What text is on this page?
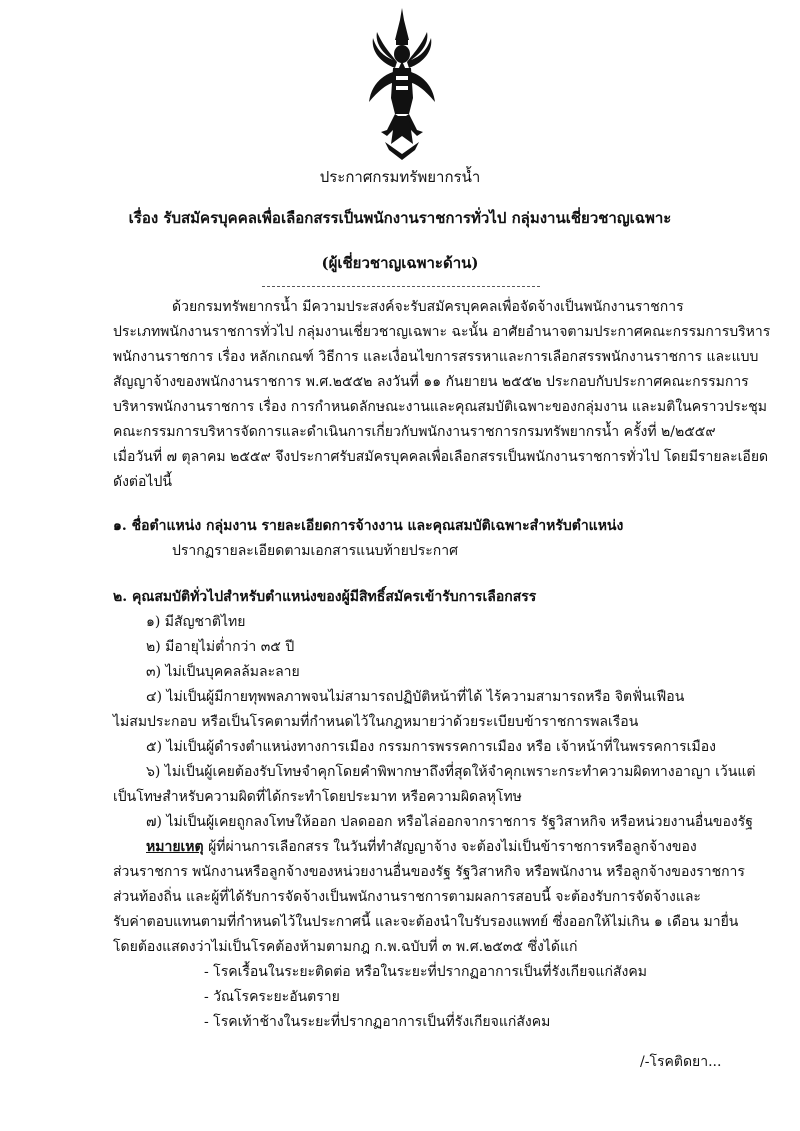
ประกาศกรมทรัพยากรน้ำ
เรื่อง รับสมัครบุคคลเพื่อเลือกสรรเป็นพนักงานราชการทั่วไป กลุ่มงานเชี่ยวชาญเฉพาะ
(ผู้เชี่ยวชาญเฉพาะด้าน)
ด้วยกรมทรัพยากรน้ำ มีความประสงค์จะรับสมัครบุคคลเพื่อจัดจ้างเป็นพนักงานราชการ
ประเภทพนักงานราชการทั่วไป กลุ่มงานเชี่ยวชาญเฉพาะ ฉะนั้น อาศัยอำนาจตามประกาศคณะกรรมการบริหาร
พนักงานราชการ เรื่อง หลักเกณฑ์ วิธีการ และเงื่อนไขการสรรหาและการเลือกสรรพนักงานราชการ และแบบ
สัญญาจ้างของพนักงานราชการ พ.ศ.๒๕๕๒ ลงวันที่ ๑๑ กันยายน ๒๕๕๒ ประกอบกับประกาศคณะกรรมการ
บริหารพนักงานราชการ เรื่อง การกำหนดลักษณะงานและคุณสมบัติเฉพาะของกลุ่มงาน และมติในคราวประชุม
คณะกรรมการบริหารจัดการและดำเนินการเกี่ยวกับพนักงานราชการกรมทรัพยากรน้ำ ครั้งที่ ๒/๒๕๕๙
เมื่อวันที่ ๗ ตุลาคม ๒๕๕๙ จึงประกาศรับสมัครบุคคลเพื่อเลือกสรรเป็นพนักงานราชการทั่วไป โดยมีรายละเอียด
ดังต่อไปนี้
๑. ชื่อตำแหน่ง กลุ่มงาน รายละเอียดการจ้างงาน และคุณสมบัติเฉพาะสำหรับตำแหน่ง
ปรากฏรายละเอียดตามเอกสารแนบท้ายประกาศ
๒. คุณสมบัติทั่วไปสำหรับตำแหน่งของผู้มีสิทธิ์สมัครเข้ารับการเลือกสรร
๑) มีสัญชาติไทย
๒) มีอายุไม่ต่ำกว่า ๓๕ ปี
๓) ไม่เป็นบุคคลล้มละลาย
๔) ไม่เป็นผู้มีกายทุพพลภาพจนไม่สามารถปฏิบัติหน้าที่ได้ ไร้ความสามารถหรือ จิตฟั่นเฟือน
ไม่สมประกอบ หรือเป็นโรคตามที่กำหนดไว้ในกฎหมายว่าด้วยระเบียบข้าราชการพลเรือน
๕) ไม่เป็นผู้ดำรงตำแหน่งทางการเมือง กรรมการพรรคการเมือง หรือ เจ้าหน้าที่ในพรรคการเมือง
๖) ไม่เป็นผู้เคยต้องรับโทษจำคุกโดยคำพิพากษาถึงที่สุดให้จำคุกเพราะกระทำความผิดทางอาญา เว้นแต่
เป็นโทษสำหรับความผิดที่ได้กระทำโดยประมาท หรือความผิดลหุโทษ
๗) ไม่เป็นผู้เคยถูกลงโทษให้ออก ปลดออก หรือไล่ออกจากราชการ รัฐวิสาหกิจ หรือหน่วยงานอื่นของรัฐ
หมายเหตุ ผู้ที่ผ่านการเลือกสรร ในวันที่ทำสัญญาจ้าง จะต้องไม่เป็นข้าราชการหรือลูกจ้างของ
ส่วนราชการ พนักงานหรือลูกจ้างของหน่วยงานอื่นของรัฐ รัฐวิสาหกิจ หรือพนักงาน หรือลูกจ้างของราชการ
ส่วนท้องถิ่น และผู้ที่ได้รับการจัดจ้างเป็นพนักงานราชการตามผลการสอบนี้ จะต้องรับการจัดจ้างและ
รับค่าตอบแทนตามที่กำหนดไว้ในประกาศนี้ และจะต้องนำใบรับรองแพทย์ ซึ่งออกให้ไม่เกิน ๑ เดือน มายื่น
โดยต้องแสดงว่าไม่เป็นโรคต้องห้ามตามกฎ ก.พ.ฉบับที่ ๓ พ.ศ.๒๕๓๕ ซึ่งได้แก่
- โรคเรื้อนในระยะติดต่อ หรือในระยะที่ปรากฏอาการเป็นที่รังเกียจแก่สังคม
- วัณโรคระยะอันตราย
- โรคเท้าช้างในระยะที่ปรากฏอาการเป็นที่รังเกียจแก่สังคม
/-โรคติดยา...
